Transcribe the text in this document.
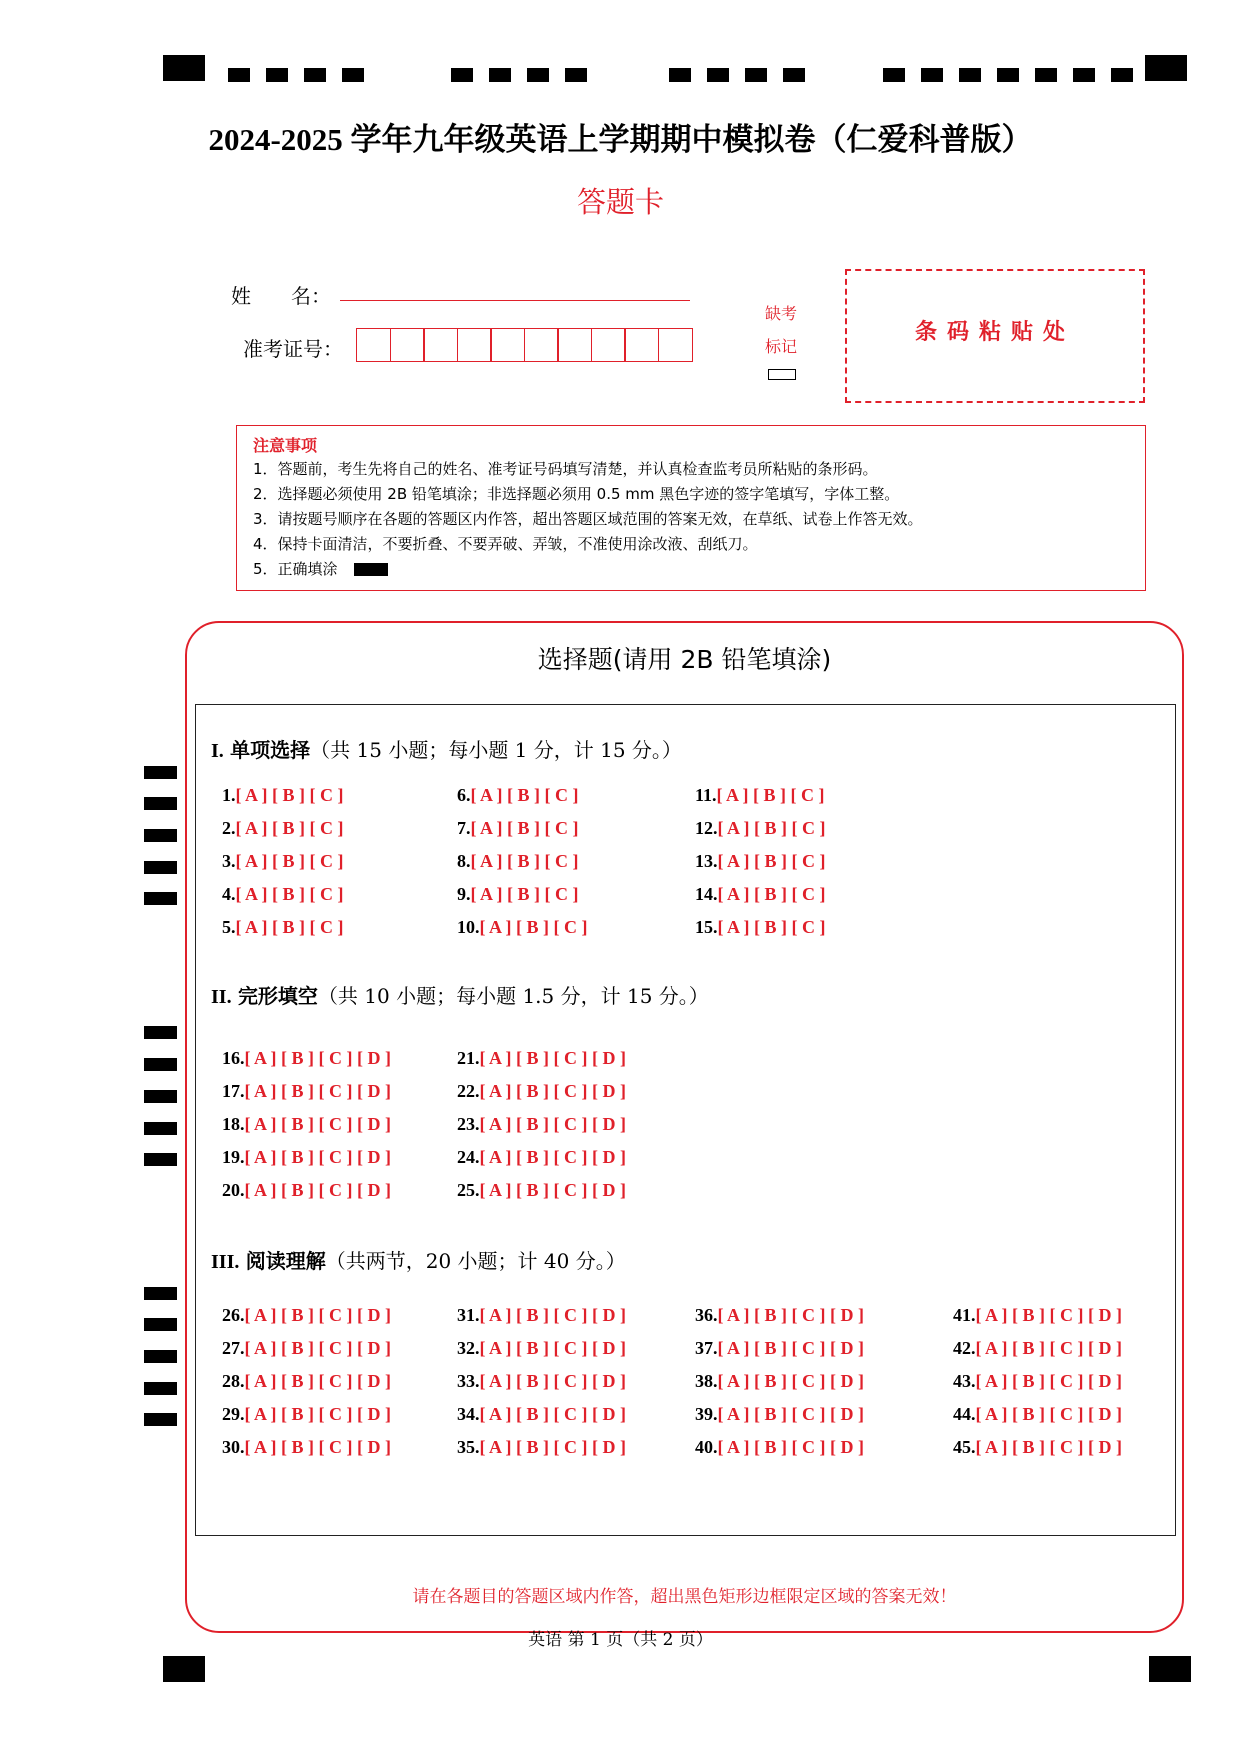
2024-2025 学年九年级英语上学期期中模拟卷（仁爱科普版）
答题卡
姓　　名：
准考证号：
缺考
标记
条码粘贴处
注意事项
1．答题前，考生先将自己的姓名、准考证号码填写清楚，并认真检查监考员所粘贴的条形码。
2．选择题必须使用 2B 铅笔填涂；非选择题必须用 0.5 mm 黑色字迹的签字笔填写，字体工整。
3．请按题号顺序在各题的答题区内作答，超出答题区域范围的答案无效，在草纸、试卷上作答无效。
4．保持卡面清洁，不要折叠、不要弄破、弄皱，不准使用涂改液、刮纸刀。
5．正确填涂
选择题(请用 2B 铅笔填涂)
I. 单项选择（共 15 小题；每小题 1 分，计 15 分。）
II. 完形填空（共 10 小题；每小题 1.5 分，计 15 分。）
III. 阅读理解（共两节，20 小题；计 40 分。）
1.[ A ] [ B ] [ C ]
2.[ A ] [ B ] [ C ]
3.[ A ] [ B ] [ C ]
4.[ A ] [ B ] [ C ]
5.[ A ] [ B ] [ C ]
6.[ A ] [ B ] [ C ]
7.[ A ] [ B ] [ C ]
8.[ A ] [ B ] [ C ]
9.[ A ] [ B ] [ C ]
10.[ A ] [ B ] [ C ]
11.[ A ] [ B ] [ C ]
12.[ A ] [ B ] [ C ]
13.[ A ] [ B ] [ C ]
14.[ A ] [ B ] [ C ]
15.[ A ] [ B ] [ C ]
16.[ A ] [ B ] [ C ] [ D ]
17.[ A ] [ B ] [ C ] [ D ]
18.[ A ] [ B ] [ C ] [ D ]
19.[ A ] [ B ] [ C ] [ D ]
20.[ A ] [ B ] [ C ] [ D ]
21.[ A ] [ B ] [ C ] [ D ]
22.[ A ] [ B ] [ C ] [ D ]
23.[ A ] [ B ] [ C ] [ D ]
24.[ A ] [ B ] [ C ] [ D ]
25.[ A ] [ B ] [ C ] [ D ]
26.[ A ] [ B ] [ C ] [ D ]
27.[ A ] [ B ] [ C ] [ D ]
28.[ A ] [ B ] [ C ] [ D ]
29.[ A ] [ B ] [ C ] [ D ]
30.[ A ] [ B ] [ C ] [ D ]
31.[ A ] [ B ] [ C ] [ D ]
32.[ A ] [ B ] [ C ] [ D ]
33.[ A ] [ B ] [ C ] [ D ]
34.[ A ] [ B ] [ C ] [ D ]
35.[ A ] [ B ] [ C ] [ D ]
36.[ A ] [ B ] [ C ] [ D ]
37.[ A ] [ B ] [ C ] [ D ]
38.[ A ] [ B ] [ C ] [ D ]
39.[ A ] [ B ] [ C ] [ D ]
40.[ A ] [ B ] [ C ] [ D ]
41.[ A ] [ B ] [ C ] [ D ]
42.[ A ] [ B ] [ C ] [ D ]
43.[ A ] [ B ] [ C ] [ D ]
44.[ A ] [ B ] [ C ] [ D ]
45.[ A ] [ B ] [ C ] [ D ]
请在各题目的答题区域内作答，超出黑色矩形边框限定区域的答案无效！
英语 第 1 页（共 2 页）
